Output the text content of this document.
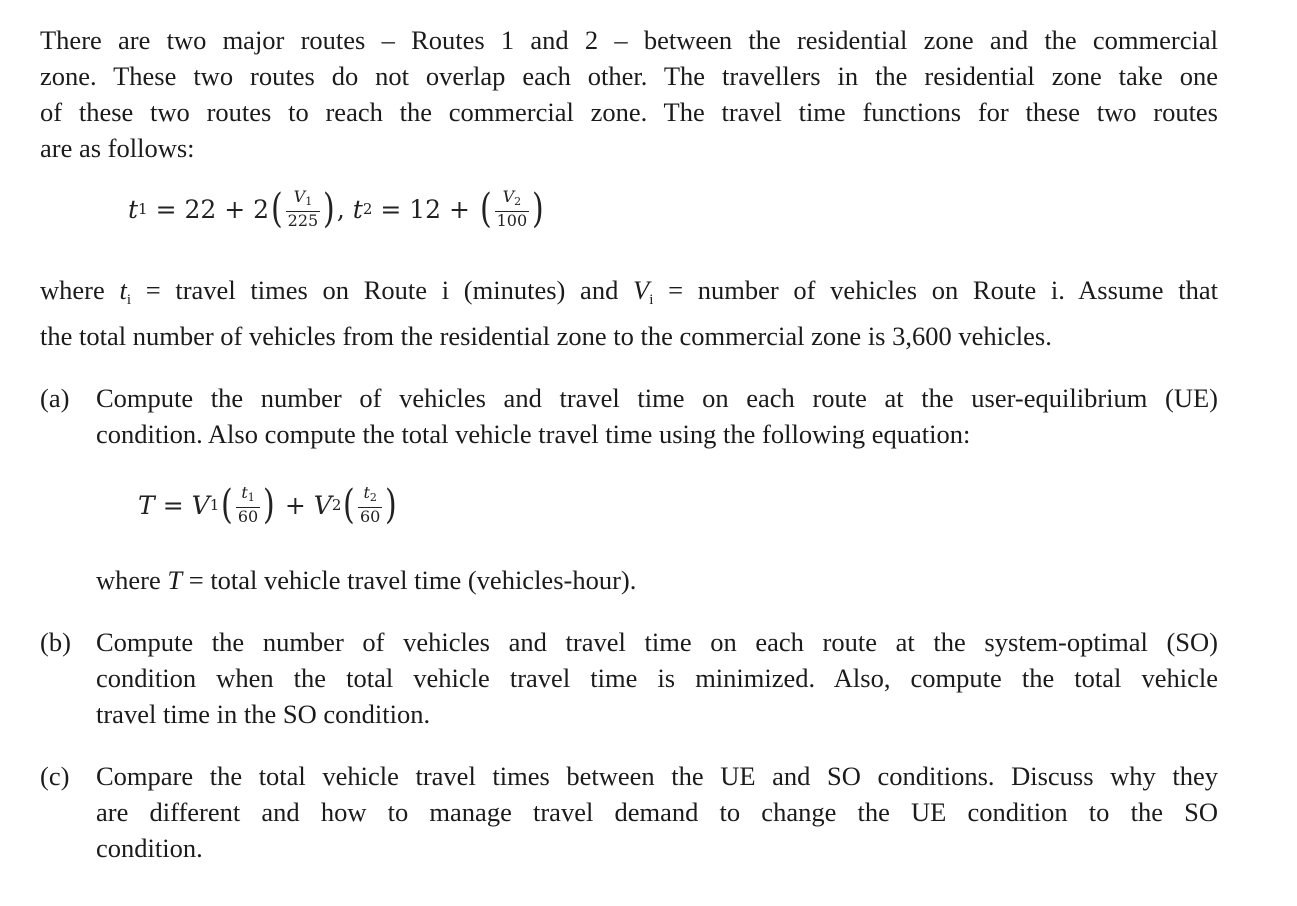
There are two major routes – Routes 1 and 2 – between the residential zone and the commercial
zone. These two routes do not overlap each other. The travellers in the residential zone take one
of these two routes to reach the commercial zone. The travel time functions for these two routes
are as follows:
t 1 = 22 + 2 ( $\frac{V_1}{225}$ ) , t 2 = 12 + ( $\frac{V_2}{100}$ )
where $t_i$ = travel times on Route i (minutes) and $V_i$ = number of vehicles on Route i. Assume that
the total number of vehicles from the residential zone to the commercial zone is 3,600 vehicles.
(a) Compute the number of vehicles and travel time on each route at the user-equilibrium (UE)
condition. Also compute the total vehicle travel time using the following equation:
T = V 1 ( $\frac{t_1}{60}$ ) + V 2 ( $\frac{t_2}{60}$ )
where T = total vehicle travel time (vehicles-hour).
(b) Compute the number of vehicles and travel time on each route at the system-optimal (SO)
condition when the total vehicle travel time is minimized. Also, compute the total vehicle
travel time in the SO condition.
(c) Compare the total vehicle travel times between the UE and SO conditions. Discuss why they
are different and how to manage travel demand to change the UE condition to the SO
condition.
